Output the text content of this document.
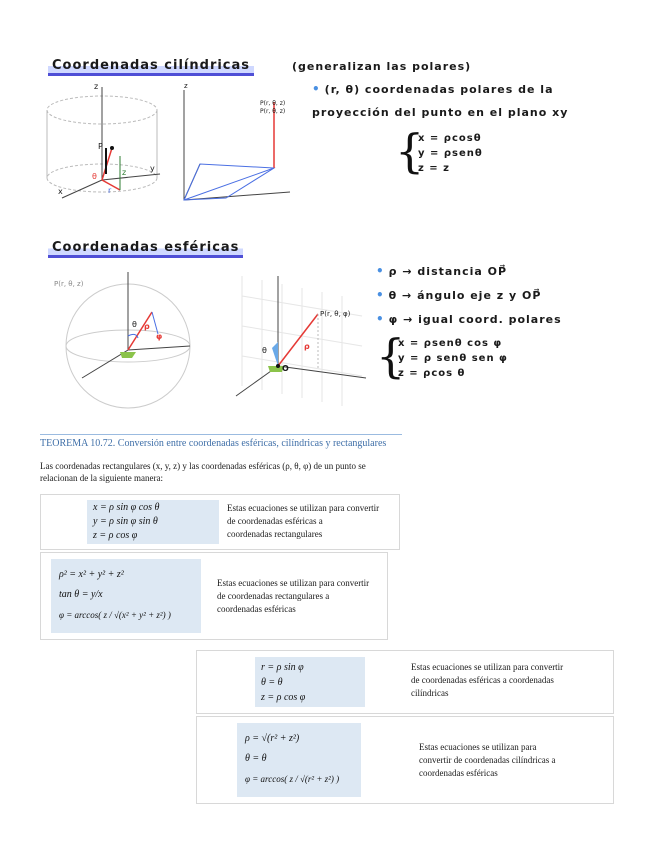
Coordenadas cilíndricas	(generalizan las polares)
• (r, θ) coordenadas polares de la
proyección del punto en el plano xy
{
x = ρcosθ
y = ρsenθ
z = z
z
x
y
P
θ
r
z
z
P(r, θ, z)
P(r, θ, z)
Coordenadas esféricas
• ρ → distancia OP⃗
• θ → ángulo eje z y OP⃗
• φ → igual coord. polares
{
x = ρsenθ cos φ
y = ρ senθ sen φ
z = ρcos θ
P(r, θ, z)
θ ρ
φ
P(r, θ, φ)
θ	ρ
O
TEOREMA 10.72. Conversión entre coordenadas esféricas, cilíndricas y rectangulares
Las coordenadas rectangulares (x, y, z) y las coordenadas esféricas (ρ, θ, φ) de un punto se
relacionan de la siguiente manera:
x = ρ sin φ cos θ
y = ρ sin φ sin θ
z = ρ cos φ
Estas ecuaciones se utilizan para convertir
de coordenadas esféricas a
coordenadas rectangulares
ρ² = x² + y² + z²
tan θ = y/x
φ = arccos( z / √(x² + y² + z²) )
Estas ecuaciones se utilizan para convertir
de coordenadas rectangulares a
coordenadas esféricas
r = ρ sin φ
θ = θ
z = ρ cos φ
Estas ecuaciones se utilizan para convertir
de coordenadas esféricas a coordenadas
cilíndricas
ρ = √(r² + z²)
θ = θ
φ = arccos( z / √(r² + z²) )
Estas ecuaciones se utilizan para
convertir de coordenadas cilíndricas a
coordenadas esféricas
